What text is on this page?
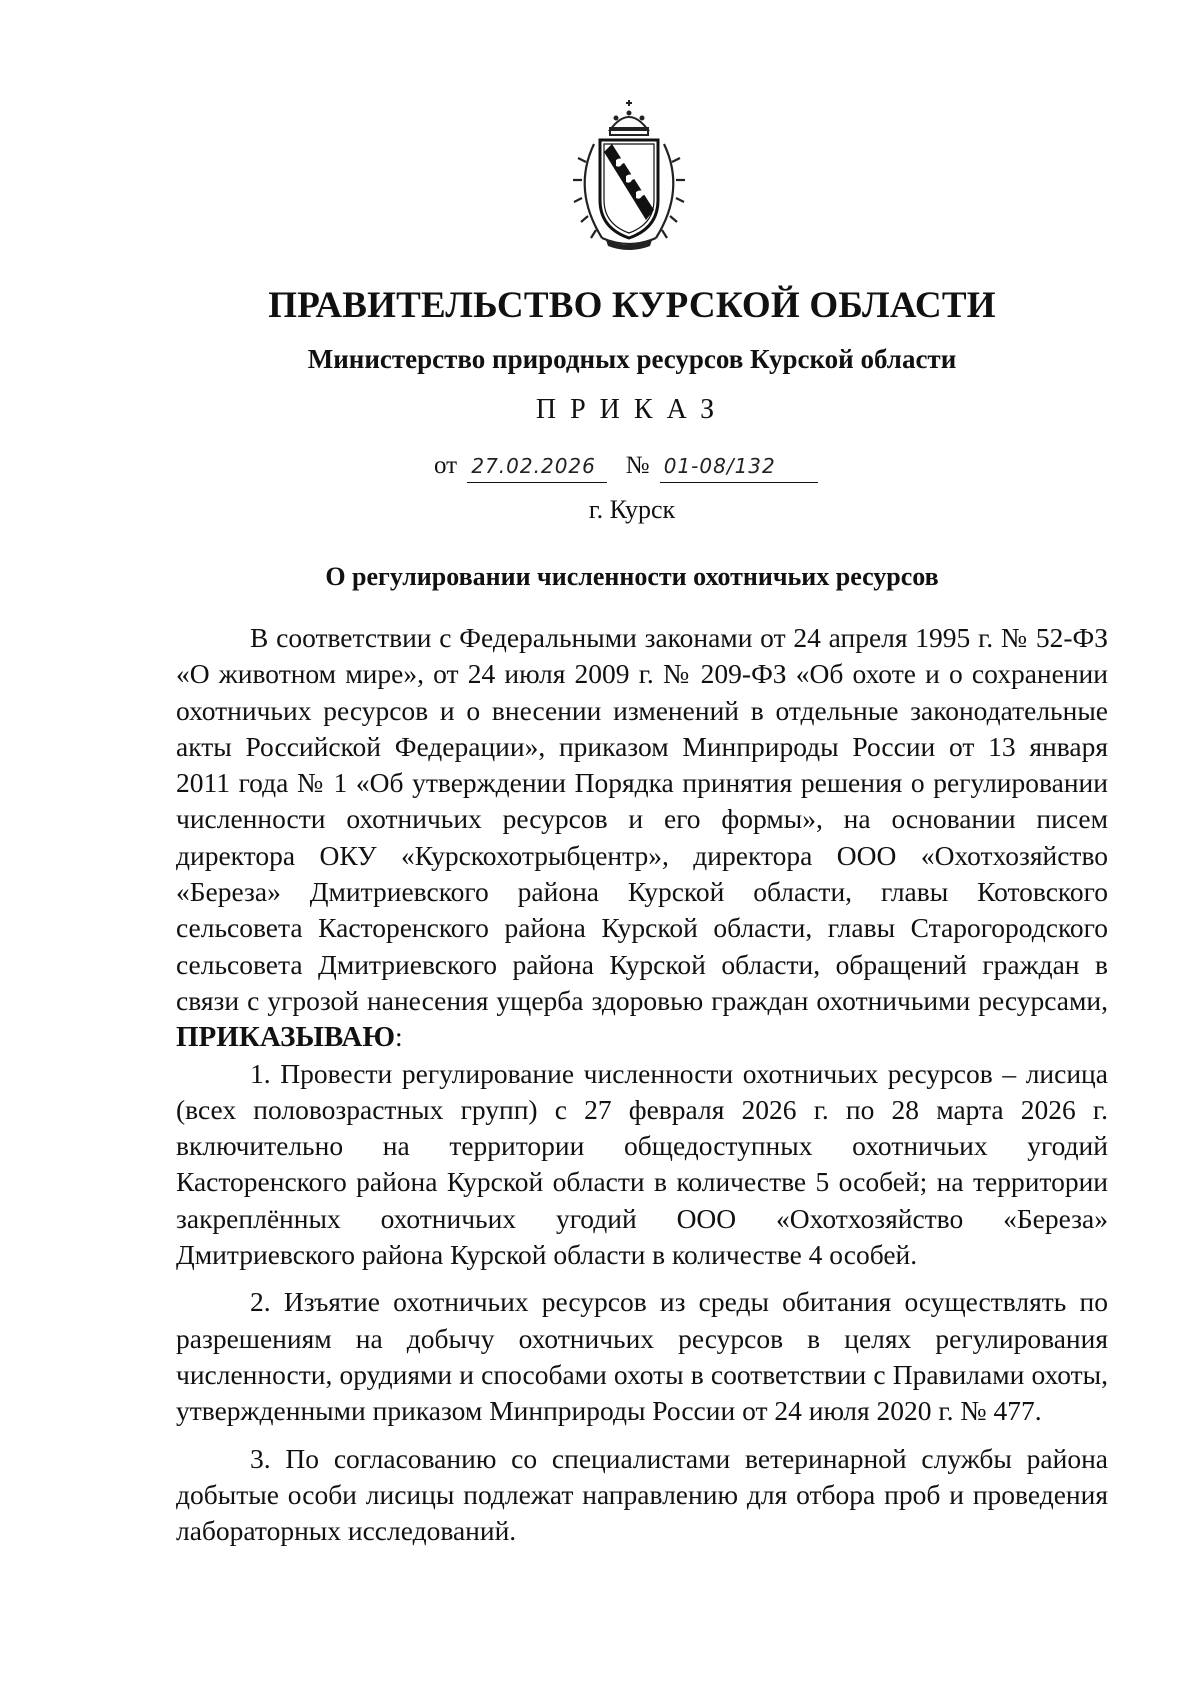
ПРАВИТЕЛЬСТВО КУРСКОЙ ОБЛАСТИ
Министерство природных ресурсов Курской области
ПРИКАЗ
от 27.02.2026 № 01-08/132
г. Курск
О регулировании численности охотничьих ресурсов

В соответствии с Федеральными законами от 24 апреля 1995 г. № 52-ФЗ «О животном мире», от 24 июля 2009 г. № 209-ФЗ «Об охоте и о сохранении охотничьих ресурсов и о внесении изменений в отдельные законодательные акты Российской Федерации», приказом Минприроды России от 13 января 2011 года № 1 «Об утверждении Порядка принятия решения о регулировании численности охотничьих ресурсов и его формы», на основании писем директора ОКУ «Курскохотрыбцентр», директора ООО «Охотхозяйство «Береза» Дмитриевского района Курской области, главы Котовского сельсовета Касторенского района Курской области, главы Старогородского сельсовета Дмитриевского района Курской области, обращений граждан в связи с угрозой нанесения ущерба здоровью граждан охотничьими ресурсами, ПРИКАЗЫВАЮ:

1. Провести регулирование численности охотничьих ресурсов – лисица (всех половозрастных групп) с 27 февраля 2026 г. по 28 марта 2026 г. включительно на территории общедоступных охотничьих угодий Касторенского района Курской области в количестве 5 особей; на территории закреплённых охотничьих угодий ООО «Охотхозяйство «Береза» Дмитриевского района Курской области в количестве 4 особей.

2. Изъятие охотничьих ресурсов из среды обитания осуществлять по разрешениям на добычу охотничьих ресурсов в целях регулирования численности, орудиями и способами охоты в соответствии с Правилами охоты, утвержденными приказом Минприроды России от 24 июля 2020 г. № 477.

3. По согласованию со специалистами ветеринарной службы района добытые особи лисицы подлежат направлению для отбора проб и проведения лабораторных исследований.
